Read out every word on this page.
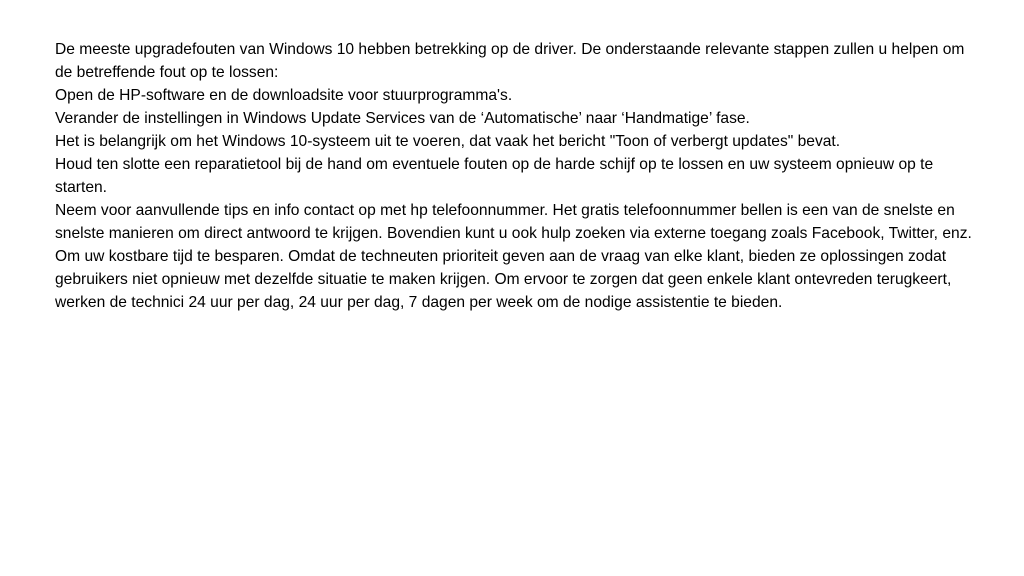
De meeste upgradefouten van Windows 10 hebben betrekking op de driver. De onderstaande relevante stappen zullen u helpen om de betreffende fout op te lossen:

Open de HP-software en de downloadsite voor stuurprogramma's.

Verander de instellingen in Windows Update Services van de ‘Automatische’ naar ‘Handmatige’ fase.

Het is belangrijk om het Windows 10-systeem uit te voeren, dat vaak het bericht "Toon of verbergt updates" bevat.

Houd ten slotte een reparatietool bij de hand om eventuele fouten op de harde schijf op te lossen en uw systeem opnieuw op te starten.

Neem voor aanvullende tips en info contact op met hp telefoonnummer. Het gratis telefoonnummer bellen is een van de snelste en snelste manieren om direct antwoord te krijgen. Bovendien kunt u ook hulp zoeken via externe toegang zoals Facebook, Twitter, enz. Om uw kostbare tijd te besparen. Omdat de techneuten prioriteit geven aan de vraag van elke klant, bieden ze oplossingen zodat gebruikers niet opnieuw met dezelfde situatie te maken krijgen. Om ervoor te zorgen dat geen enkele klant ontevreden terugkeert, werken de technici 24 uur per dag, 24 uur per dag, 7 dagen per week om de nodige assistentie te bieden.
